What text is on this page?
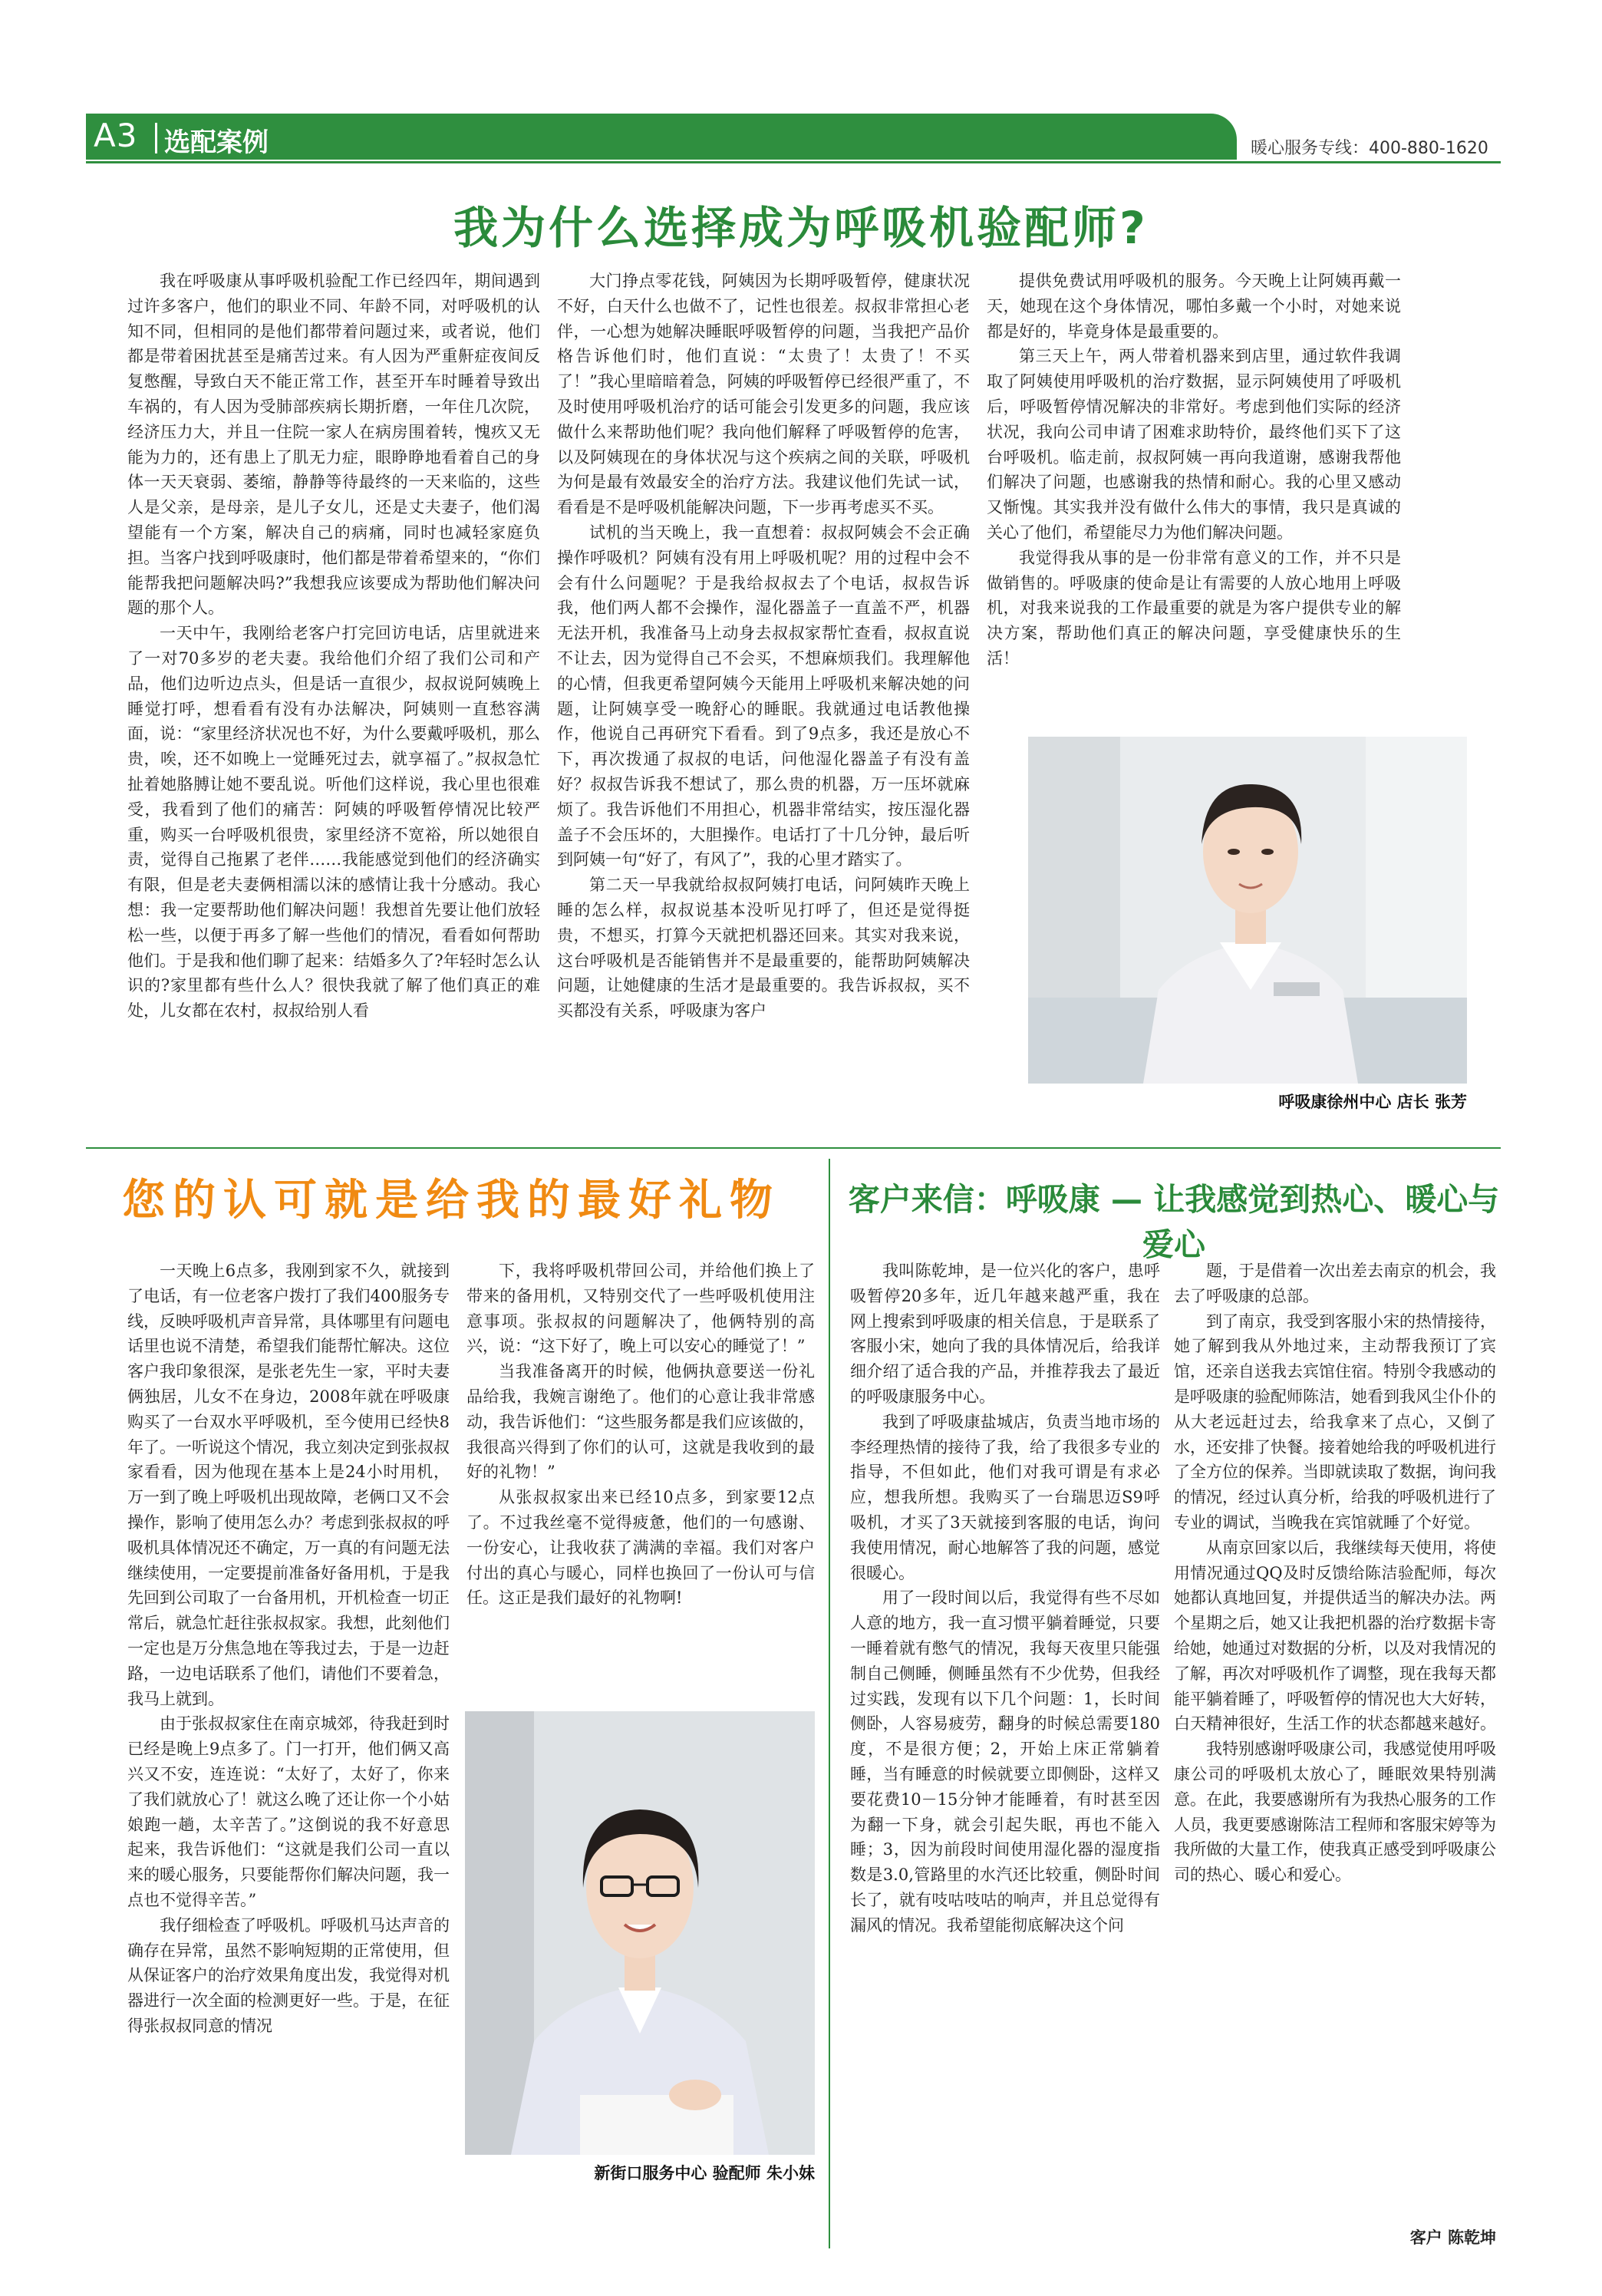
A3 选配案例	暖心服务专线：400-880-1620
我为什么选择成为呼吸机验配师?

我在呼吸康从事呼吸机验配工作已经四年，期间遇到过许多客户，他们的职业不同、年龄不同，对呼吸机的认知不同，但相同的是他们都带着问题过来，或者说，他们都是带着困扰甚至是痛苦过来。有人因为严重鼾症夜间反复憋醒，导致白天不能正常工作，甚至开车时睡着导致出车祸的，有人因为受肺部疾病长期折磨，一年住几次院，经济压力大，并且一住院一家人在病房围着转，愧疚又无能为力的，还有患上了肌无力症，眼睁睁地看着自己的身体一天天衰弱、萎缩，静静等待最终的一天来临的，这些人是父亲，是母亲，是儿子女儿，还是丈夫妻子，他们渴望能有一个方案，解决自己的病痛，同时也减轻家庭负担。当客户找到呼吸康时，他们都是带着希望来的，“你们能帮我把问题解决吗?”我想我应该要成为帮助他们解决问题的那个人。

一天中午，我刚给老客户打完回访电话，店里就进来了一对70多岁的老夫妻。我给他们介绍了我们公司和产品，他们边听边点头，但是话一直很少，叔叔说阿姨晚上睡觉打呼，想看看有没有办法解决，阿姨则一直愁容满面，说：“家里经济状况也不好，为什么要戴呼吸机，那么贵，唉，还不如晚上一觉睡死过去，就享福了。”叔叔急忙扯着她胳膊让她不要乱说。听他们这样说，我心里也很难受，我看到了他们的痛苦：阿姨的呼吸暂停情况比较严重，购买一台呼吸机很贵，家里经济不宽裕，所以她很自责，觉得自己拖累了老伴……我能感觉到他们的经济确实有限，但是老夫妻俩相濡以沫的感情让我十分感动。我心想：我一定要帮助他们解决问题！我想首先要让他们放轻松一些，以便于再多了解一些他们的情况，看看如何帮助他们。于是我和他们聊了起来：结婚多久了?年轻时怎么认识的?家里都有些什么人？很快我就了解了他们真正的难处，儿女都在农村，叔叔给别人看

大门挣点零花钱，阿姨因为长期呼吸暂停，健康状况不好，白天什么也做不了，记性也很差。叔叔非常担心老伴，一心想为她解决睡眠呼吸暂停的问题，当我把产品价格告诉他们时，他们直说：“太贵了！太贵了！不买了！”我心里暗暗着急，阿姨的呼吸暂停已经很严重了，不及时使用呼吸机治疗的话可能会引发更多的问题，我应该做什么来帮助他们呢？我向他们解释了呼吸暂停的危害，以及阿姨现在的身体状况与这个疾病之间的关联，呼吸机为何是最有效最安全的治疗方法。我建议他们先试一试，看看是不是呼吸机能解决问题，下一步再考虑买不买。

试机的当天晚上，我一直想着：叔叔阿姨会不会正确操作呼吸机？阿姨有没有用上呼吸机呢？用的过程中会不会有什么问题呢？于是我给叔叔去了个电话，叔叔告诉我，他们两人都不会操作，湿化器盖子一直盖不严，机器无法开机，我准备马上动身去叔叔家帮忙查看，叔叔直说不让去，因为觉得自己不会买，不想麻烦我们。我理解他的心情，但我更希望阿姨今天能用上呼吸机来解决她的问题，让阿姨享受一晚舒心的睡眠。我就通过电话教他操作，他说自己再研究下看看。到了9点多，我还是放心不下，再次拨通了叔叔的电话，问他湿化器盖子有没有盖好？叔叔告诉我不想试了，那么贵的机器，万一压坏就麻烦了。我告诉他们不用担心，机器非常结实，按压湿化器盖子不会压坏的，大胆操作。电话打了十几分钟，最后听到阿姨一句“好了，有风了”，我的心里才踏实了。

第二天一早我就给叔叔阿姨打电话，问阿姨昨天晚上睡的怎么样，叔叔说基本没听见打呼了，但还是觉得挺贵，不想买，打算今天就把机器还回来。其实对我来说，这台呼吸机是否能销售并不是最重要的，能帮助阿姨解决问题，让她健康的生活才是最重要的。我告诉叔叔，买不买都没有关系，呼吸康为客户

提供免费试用呼吸机的服务。今天晚上让阿姨再戴一天，她现在这个身体情况，哪怕多戴一个小时，对她来说都是好的，毕竟身体是最重要的。

第三天上午，两人带着机器来到店里，通过软件我调取了阿姨使用呼吸机的治疗数据，显示阿姨使用了呼吸机后，呼吸暂停情况解决的非常好。考虑到他们实际的经济状况，我向公司申请了困难求助特价，最终他们买下了这台呼吸机。临走前，叔叔阿姨一再向我道谢，感谢我帮他们解决了问题，也感谢我的热情和耐心。我的心里又感动又惭愧。其实我并没有做什么伟大的事情，我只是真诚的关心了他们，希望能尽力为他们解决问题。

我觉得我从事的是一份非常有意义的工作，并不只是做销售的。呼吸康的使命是让有需要的人放心地用上呼吸机，对我来说我的工作最重要的就是为客户提供专业的解决方案，帮助他们真正的解决问题，享受健康快乐的生活！

呼吸康徐州中心 店长 张芳
您的认可就是给我的最好礼物

一天晚上6点多，我刚到家不久，就接到了电话，有一位老客户拨打了我们400服务专线，反映呼吸机声音异常，具体哪里有问题电话里也说不清楚，希望我们能帮忙解决。这位客户我印象很深，是张老先生一家，平时夫妻俩独居，儿女不在身边，2008年就在呼吸康购买了一台双水平呼吸机，至今使用已经快8年了。一听说这个情况，我立刻决定到张叔叔家看看，因为他现在基本上是24小时用机，万一到了晚上呼吸机出现故障，老俩口又不会操作，影响了使用怎么办？考虑到张叔叔的呼吸机具体情况还不确定，万一真的有问题无法继续使用，一定要提前准备好备用机，于是我先回到公司取了一台备用机，开机检查一切正常后，就急忙赶往张叔叔家。我想，此刻他们一定也是万分焦急地在等我过去，于是一边赶路，一边电话联系了他们，请他们不要着急，我马上就到。

由于张叔叔家住在南京城郊，待我赶到时已经是晚上9点多了。门一打开，他们俩又高兴又不安，连连说：“太好了，太好了，你来了我们就放心了！就这么晚了还让你一个小姑娘跑一趟，太辛苦了。”这倒说的我不好意思起来，我告诉他们：“这就是我们公司一直以来的暖心服务，只要能帮你们解决问题，我一点也不觉得辛苦。”

我仔细检查了呼吸机。呼吸机马达声音的确存在异常，虽然不影响短期的正常使用，但从保证客户的治疗效果角度出发，我觉得对机器进行一次全面的检测更好一些。于是，在征得张叔叔同意的情况

下，我将呼吸机带回公司，并给他们换上了带来的备用机，又特别交代了一些呼吸机使用注意事项。张叔叔的问题解决了，他俩特别的高兴，说：“这下好了，晚上可以安心的睡觉了！”

当我准备离开的时候，他俩执意要送一份礼品给我，我婉言谢绝了。他们的心意让我非常感动，我告诉他们：“这些服务都是我们应该做的，我很高兴得到了你们的认可，这就是我收到的最好的礼物！”

从张叔叔家出来已经10点多，到家要12点了。不过我丝毫不觉得疲惫，他们的一句感谢、一份安心，让我收获了满满的幸福。我们对客户付出的真心与暖心，同样也换回了一份认可与信任。这正是我们最好的礼物啊!

新街口服务中心 验配师 朱小妹
客户来信：呼吸康 — 让我感觉到热心、暖心与爱心

我叫陈乾坤，是一位兴化的客户，患呼吸暂停20多年，近几年越来越严重，我在网上搜索到呼吸康的相关信息，于是联系了客服小宋，她向了我的具体情况后，给我详细介绍了适合我的产品，并推荐我去了最近的呼吸康服务中心。

我到了呼吸康盐城店，负责当地市场的李经理热情的接待了我，给了我很多专业的指导，不但如此，他们对我可谓是有求必应，想我所想。我购买了一台瑞思迈S9呼吸机，才买了3天就接到客服的电话，询问我使用情况，耐心地解答了我的问题，感觉很暖心。

用了一段时间以后，我觉得有些不尽如人意的地方，我一直习惯平躺着睡觉，只要一睡着就有憋气的情况，我每天夜里只能强制自己侧睡，侧睡虽然有不少优势，但我经过实践，发现有以下几个问题：1，长时间侧卧，人容易疲劳，翻身的时候总需要180度，不是很方便；2，开始上床正常躺着睡，当有睡意的时候就要立即侧卧，这样又要花费10－15分钟才能睡着，有时甚至因为翻一下身，就会引起失眠，再也不能入睡；3，因为前段时间使用湿化器的湿度指数是3.0,管路里的水汽还比较重，侧卧时间长了，就有吱咕吱咕的响声，并且总觉得有漏风的情况。我希望能彻底解决这个问

题，于是借着一次出差去南京的机会，我去了呼吸康的总部。

到了南京，我受到客服小宋的热情接待，她了解到我从外地过来，主动帮我预订了宾馆，还亲自送我去宾馆住宿。特别令我感动的是呼吸康的验配师陈洁，她看到我风尘仆仆的从大老远赶过去，给我拿来了点心，又倒了水，还安排了快餐。接着她给我的呼吸机进行了全方位的保养。当即就读取了数据，询问我的情况，经过认真分析，给我的呼吸机进行了专业的调试，当晚我在宾馆就睡了个好觉。

从南京回家以后，我继续每天使用，将使用情况通过QQ及时反馈给陈洁验配师，每次她都认真地回复，并提供适当的解决办法。两个星期之后，她又让我把机器的治疗数据卡寄给她，她通过对数据的分析，以及对我情况的了解，再次对呼吸机作了调整，现在我每天都能平躺着睡了，呼吸暂停的情况也大大好转，白天精神很好，生活工作的状态都越来越好。

我特别感谢呼吸康公司，我感觉使用呼吸康公司的呼吸机太放心了，睡眠效果特别满意。在此，我要感谢所有为我热心服务的工作人员，我更要感谢陈洁工程师和客服宋婷等为我所做的大量工作，使我真正感受到呼吸康公司的热心、暖心和爱心。

客户 陈乾坤
